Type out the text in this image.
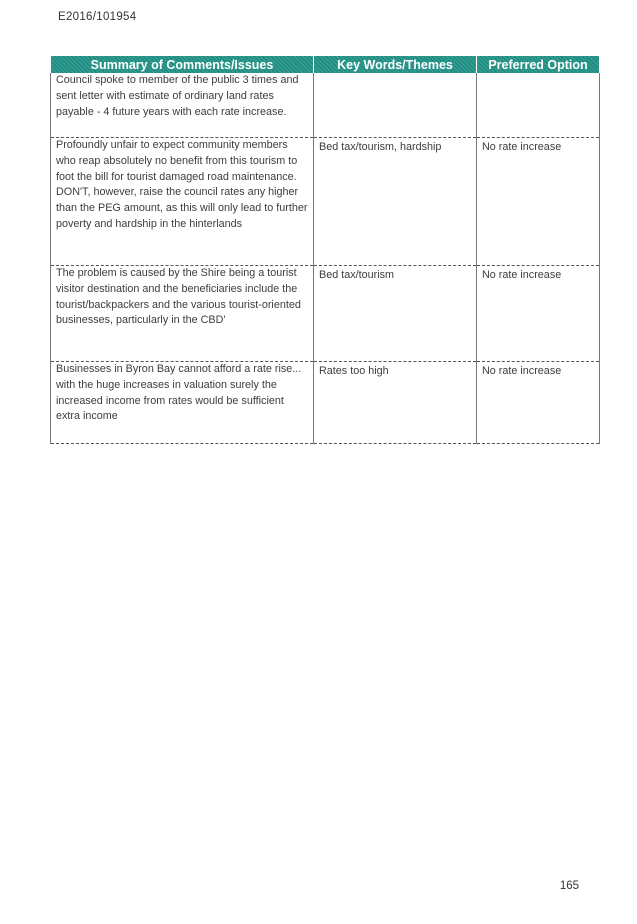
E2016/101954
Summary of Comments/Issues	Key Words/Themes	Preferred Option
Council spoke to member of the public 3 times and sent letter with estimate of ordinary land rates payable - 4 future years with each rate increase.		
Profoundly unfair to expect community members who reap absolutely no benefit from this tourism to foot the bill for tourist damaged road maintenance. DON'T, however, raise the council rates any higher than the PEG amount, as this will only lead to further poverty and hardship in the hinterlands	Bed tax/tourism, hardship	No rate increase
The problem is caused by the Shire being a tourist visitor destination and the beneficiaries include the tourist/backpackers and the various tourist-oriented businesses, particularly in the CBD'	Bed tax/tourism	No rate increase
Businesses in Byron Bay cannot afford a rate rise... with the huge increases in valuation surely the increased income from rates would be sufficient extra income	Rates too high	No rate increase
165
